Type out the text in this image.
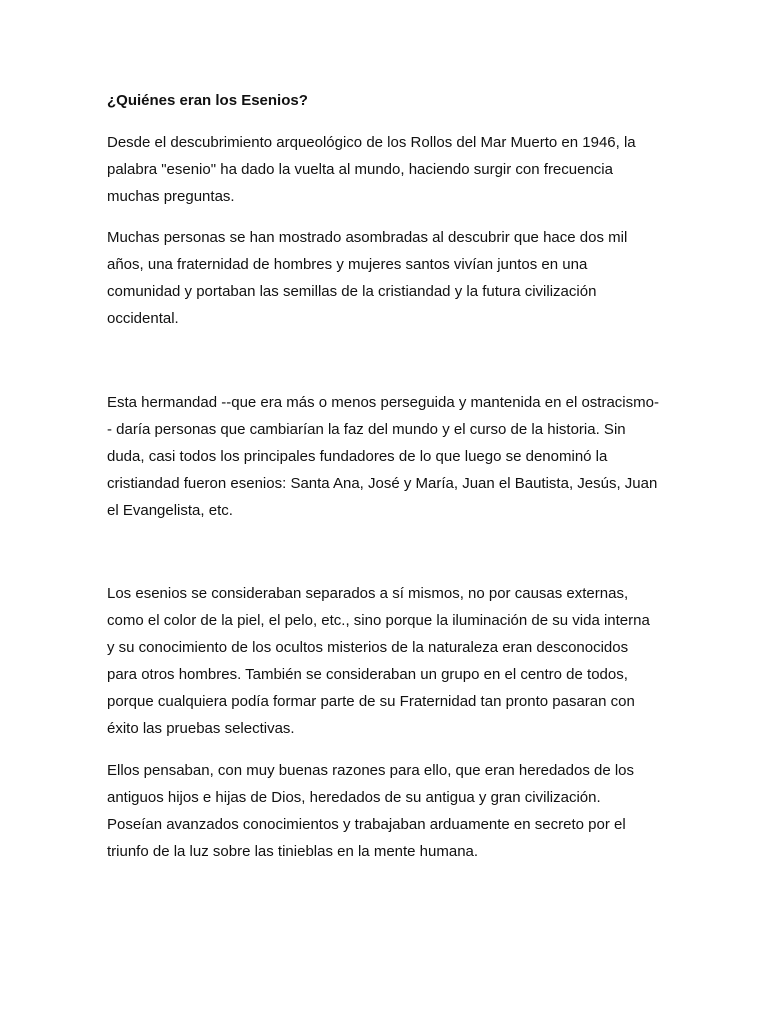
¿Quiénes eran los Esenios?

Desde el descubrimiento arqueológico de los Rollos del Mar Muerto en 1946, la
palabra "esenio" ha dado la vuelta al mundo, haciendo surgir con frecuencia
muchas preguntas.

Muchas personas se han mostrado asombradas al descubrir que hace dos mil
años, una fraternidad de hombres y mujeres santos vivían juntos en una
comunidad y portaban las semillas de la cristiandad y la futura civilización
occidental.

Esta hermandad --que era más o menos perseguida y mantenida en el ostracismo-
- daría personas que cambiarían la faz del mundo y el curso de la historia. Sin
duda, casi todos los principales fundadores de lo que luego se denominó la
cristiandad fueron esenios: Santa Ana, José y María, Juan el Bautista, Jesús, Juan
el Evangelista, etc.

Los esenios se consideraban separados a sí mismos, no por causas externas,
como el color de la piel, el pelo, etc., sino porque la iluminación de su vida interna
y su conocimiento de los ocultos misterios de la naturaleza eran desconocidos
para otros hombres. También se consideraban un grupo en el centro de todos,
porque cualquiera podía formar parte de su Fraternidad tan pronto pasaran con
éxito las pruebas selectivas.

Ellos pensaban, con muy buenas razones para ello, que eran heredados de los
antiguos hijos e hijas de Dios, heredados de su antigua y gran civilización.
Poseían avanzados conocimientos y trabajaban arduamente en secreto por el
triunfo de la luz sobre las tinieblas en la mente humana.
